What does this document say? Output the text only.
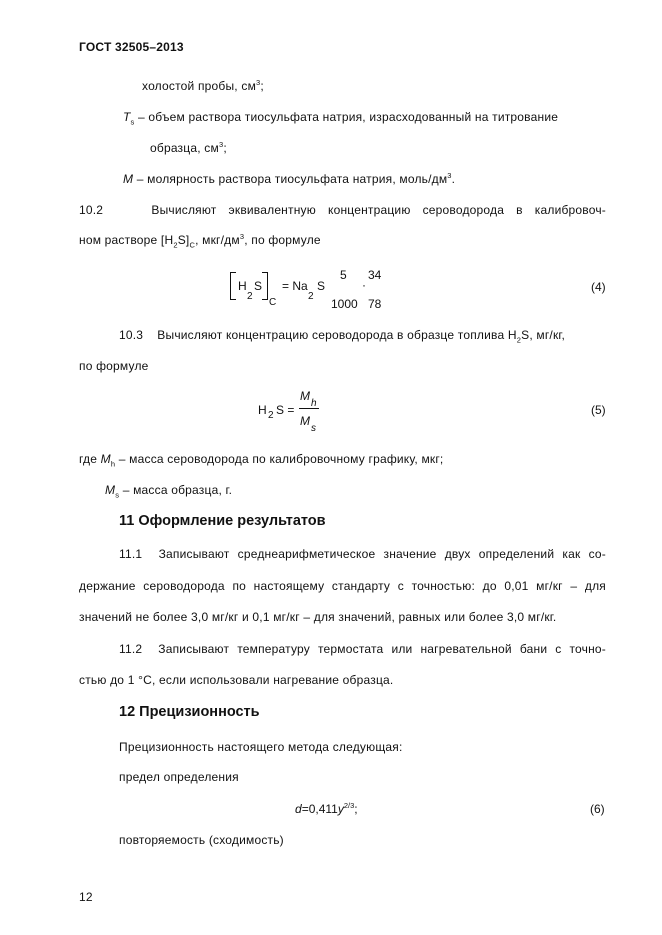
ГОСТ 32505–2013
холостой пробы, $см^3$;
$T_s$ – объем раствора тиосульфата натрия, израсходованный на титрование
образца, $см^3$;
M – молярность раствора тиосульфата натрия, моль/$дм^3$.
10.2    Вычисляют эквивалентную концентрацию сероводорода в калибровоч-
ном растворе $[H_2S]_C$, мкг/$дм^3$, по формуле
H
2
S
C
= Na
2
S
5
1000
·
34
78
(4)
10.3    Вычисляют концентрацию сероводорода в образце топлива $H_2S$, мг/кг,
по формуле
H 2 S =
M
h
M
s
(5)
где $M_h$ – масса сероводорода по калибровочному графику, мкг;
$M_s$ – масса образца, г.
11 Оформление результатов
11.1  Записывают среднеарифметическое значение двух определений как со-
держание сероводорода по настоящему стандарту с точностью: до 0,01 мг/кг – для
значений не более 3,0 мг/кг и 0,1 мг/кг – для значений, равных или более 3,0 мг/кг.
11.2  Записывают температуру термостата или нагревательной бани с точно-
стью до 1 °С, если использовали нагревание образца.
12 Прецизионность
Прецизионность настоящего метода следующая:
предел определения
$d=0,411y^{2/3}$;	(6)
повторяемость (сходимость)
12
